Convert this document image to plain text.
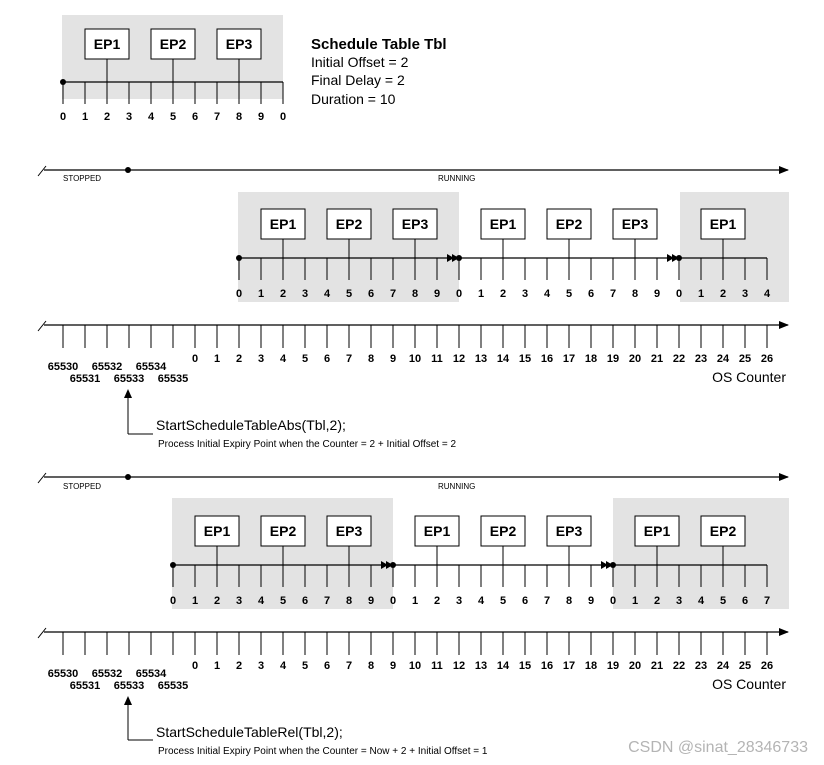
0 1 2 3 4 5 6 7 8 9 0
EP1	EP2	EP3	Schedule Table Tbl
Initial Offset = 2
Final Delay = 2
Duration = 10
STOPPED	RUNNING
0 1 2 3 4 5 6 7 8 9 0 1 2 3 4 5 6 7 8 9 0 1 2 3 4
EP1	EP2	EP3	EP1	EP2	EP3	EP1
65530
65531
65532
65533
65534
65535
0 1 2 3 4 5 6 7 8 9 10 11 12 13 14 15 16 17 18 19 20 21 22 23 24 25 26
OS Counter
StartScheduleTableAbs(Tbl,2);
Process Initial Expiry Point when the Counter = 2 + Initial Offset = 2
STOPPED	RUNNING
0 1 2 3 4 5 6 7 8 9 0 1 2 3 4 5 6 7 8 9 0 1 2 3 4 5 6 7
EP1	EP2	EP3	EP1	EP2	EP3	EP1	EP2
65530
65531
65532
65533
65534
65535
0 1 2 3 4 5 6 7 8 9 10 11 12 13 14 15 16 17 18 19 20 21 22 23 24 25 26
OS Counter
StartScheduleTableRel(Tbl,2);
Process Initial Expiry Point when the Counter = Now + 2 + Initial Offset = 1	CSDN @sinat_28346733
